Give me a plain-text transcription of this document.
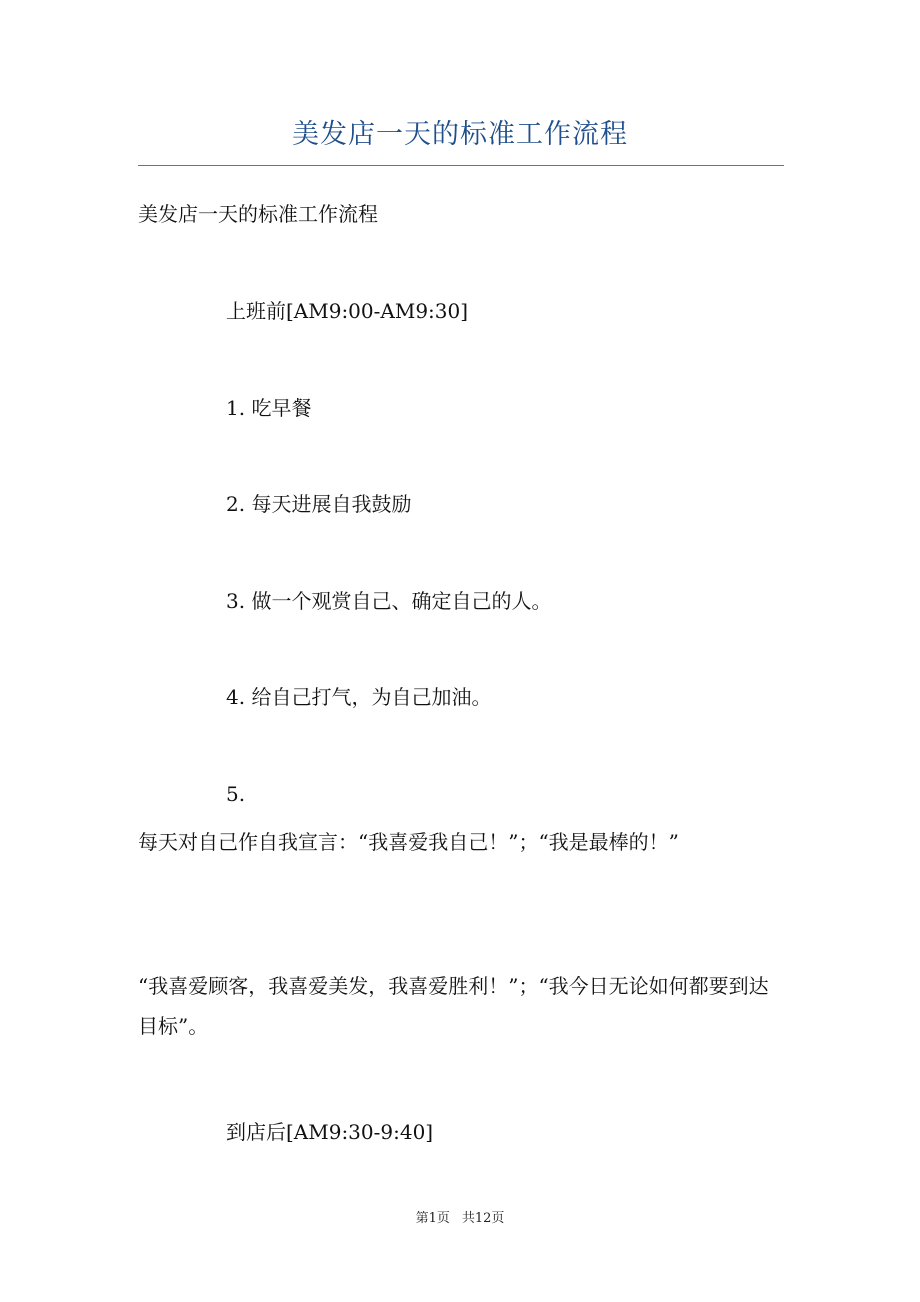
美发店一天的标准工作流程
美发店一天的标准工作流程
上班前[AM9:00-AM9:30]
1. 吃早餐
2. 每天进展自我鼓励
3. 做一个观赏自己、确定自己的人。
4. 给自己打气，为自己加油。
5.
每天对自己作自我宣言：“我喜爱我自己！”；“我是最棒的！”
“我喜爱顾客，我喜爱美发，我喜爱胜利！”；“我今日无论如何都要到达目标”。
到店后[AM9:30-9:40]
第1页 共12页
